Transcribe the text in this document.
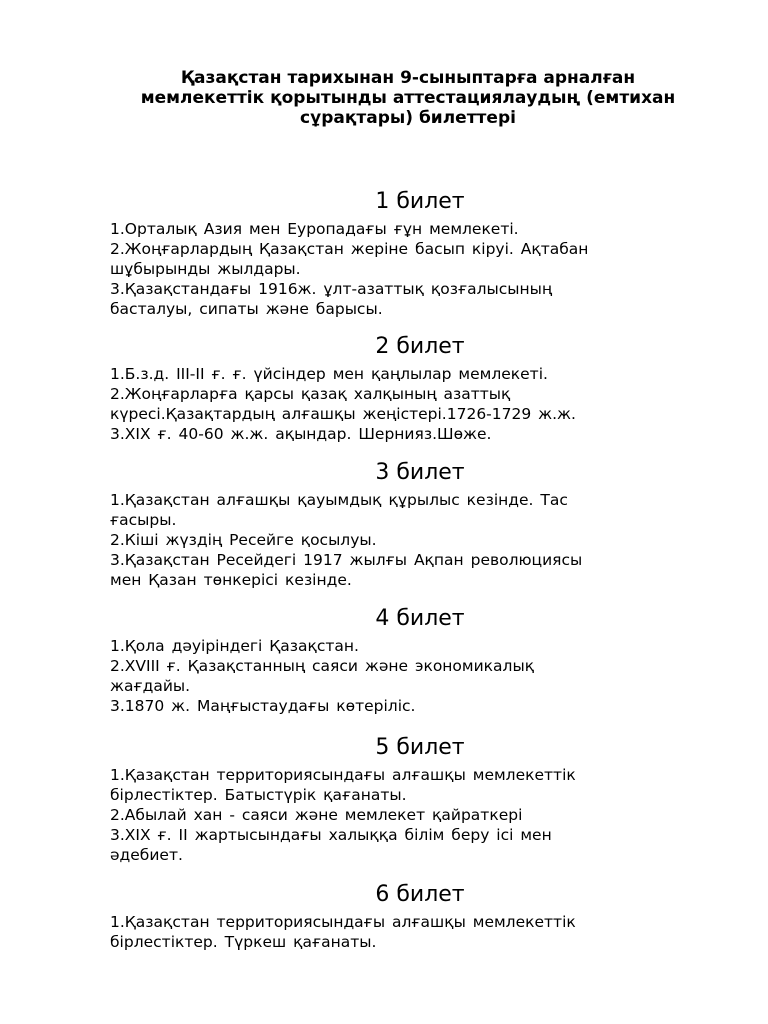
Қазақстан тарихынан 9-сыныптарға арналған
мемлекеттік қорытынды аттестациялаудың (емтихан
сұрақтары) билеттері
1 билет
1.Орталық Азия мен Еуропадағы ғұн мемлекеті.
2.Жоңғарлардың Қазақстан жеріне басып кіруі. Ақтабан
шұбырынды жылдары.
3.Қазақстандағы 1916ж. ұлт-азаттық қозғалысының
басталуы, сипаты және барысы.
2 билет
1.Б.з.д. III-II ғ. ғ. үйсіндер мен қаңлылар мемлекеті.
2.Жоңғарларға қарсы қазақ халқының азаттық
күресі.Қазақтардың алғашқы жеңістері.1726-1729 ж.ж.
3.XIX ғ. 40-60 ж.ж. ақындар. Шернияз.Шөже.
3 билет
1.Қазақстан алғашқы қауымдық құрылыс кезінде. Тас
ғасыры.
2.Кіші жүздің Ресейге қосылуы.
3.Қазақстан Ресейдегі 1917 жылғы Ақпан революциясы
мен Қазан төнкерісі кезінде.
4 билет
1.Қола дәуіріндегі Қазақстан.
2.XVIII ғ. Қазақстанның саяси және экономикалық
жағдайы.
3.1870 ж. Маңғыстаудағы көтеріліс.
5 билет
1.Қазақстан территориясындағы алғашқы мемлекеттік
бірлестіктер. Батыстүрік қағанаты.
2.Абылай хан - саяси және мемлекет қайраткері
3.XIX ғ. II жартысындағы халыққа білім беру ісі мен
әдебиет.
6 билет
1.Қазақстан территориясындағы алғашқы мемлекеттік
бірлестіктер. Түркеш қағанаты.
